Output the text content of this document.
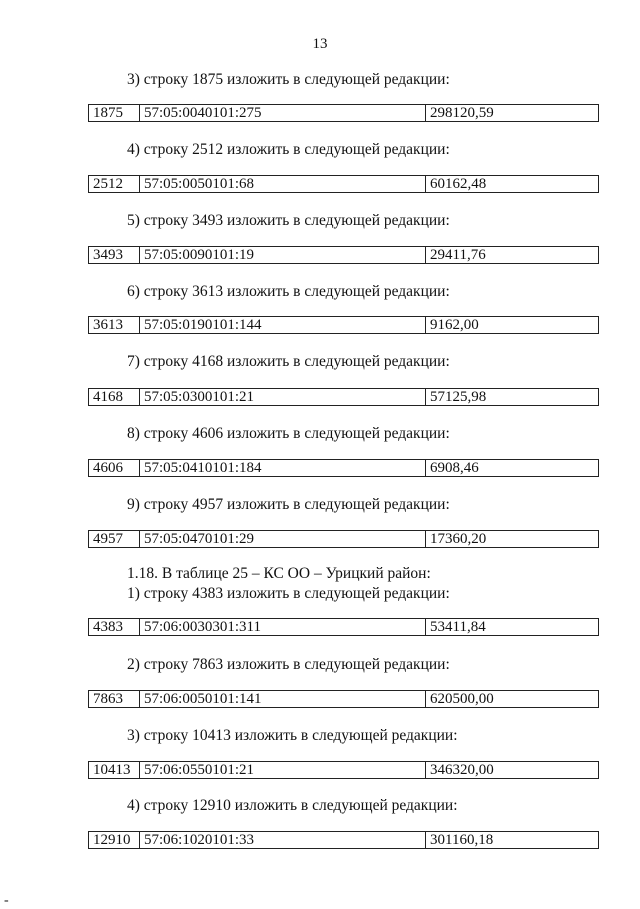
13
3) строку 1875 изложить в следующей редакции:
1875	57:05:0040101:275	298120,59
4) строку 2512 изложить в следующей редакции:
2512	57:05:0050101:68	60162,48
5) строку 3493 изложить в следующей редакции:
3493	57:05:0090101:19	29411,76
6) строку 3613 изложить в следующей редакции:
3613	57:05:0190101:144	9162,00
7) строку 4168 изложить в следующей редакции:
4168	57:05:0300101:21	57125,98
8) строку 4606 изложить в следующей редакции:
4606	57:05:0410101:184	6908,46
9) строку 4957 изложить в следующей редакции:
4957	57:05:0470101:29	17360,20
1.18. В таблице 25 – КС ОО – Урицкий район:
1) строку 4383 изложить в следующей редакции:
4383	57:06:0030301:311	53411,84
2) строку 7863 изложить в следующей редакции:
7863	57:06:0050101:141	620500,00
3) строку 10413 изложить в следующей редакции:
10413 57:06:0550101:21	346320,00
4) строку 12910 изложить в следующей редакции:
12910 57:06:1020101:33	301160,18
-
